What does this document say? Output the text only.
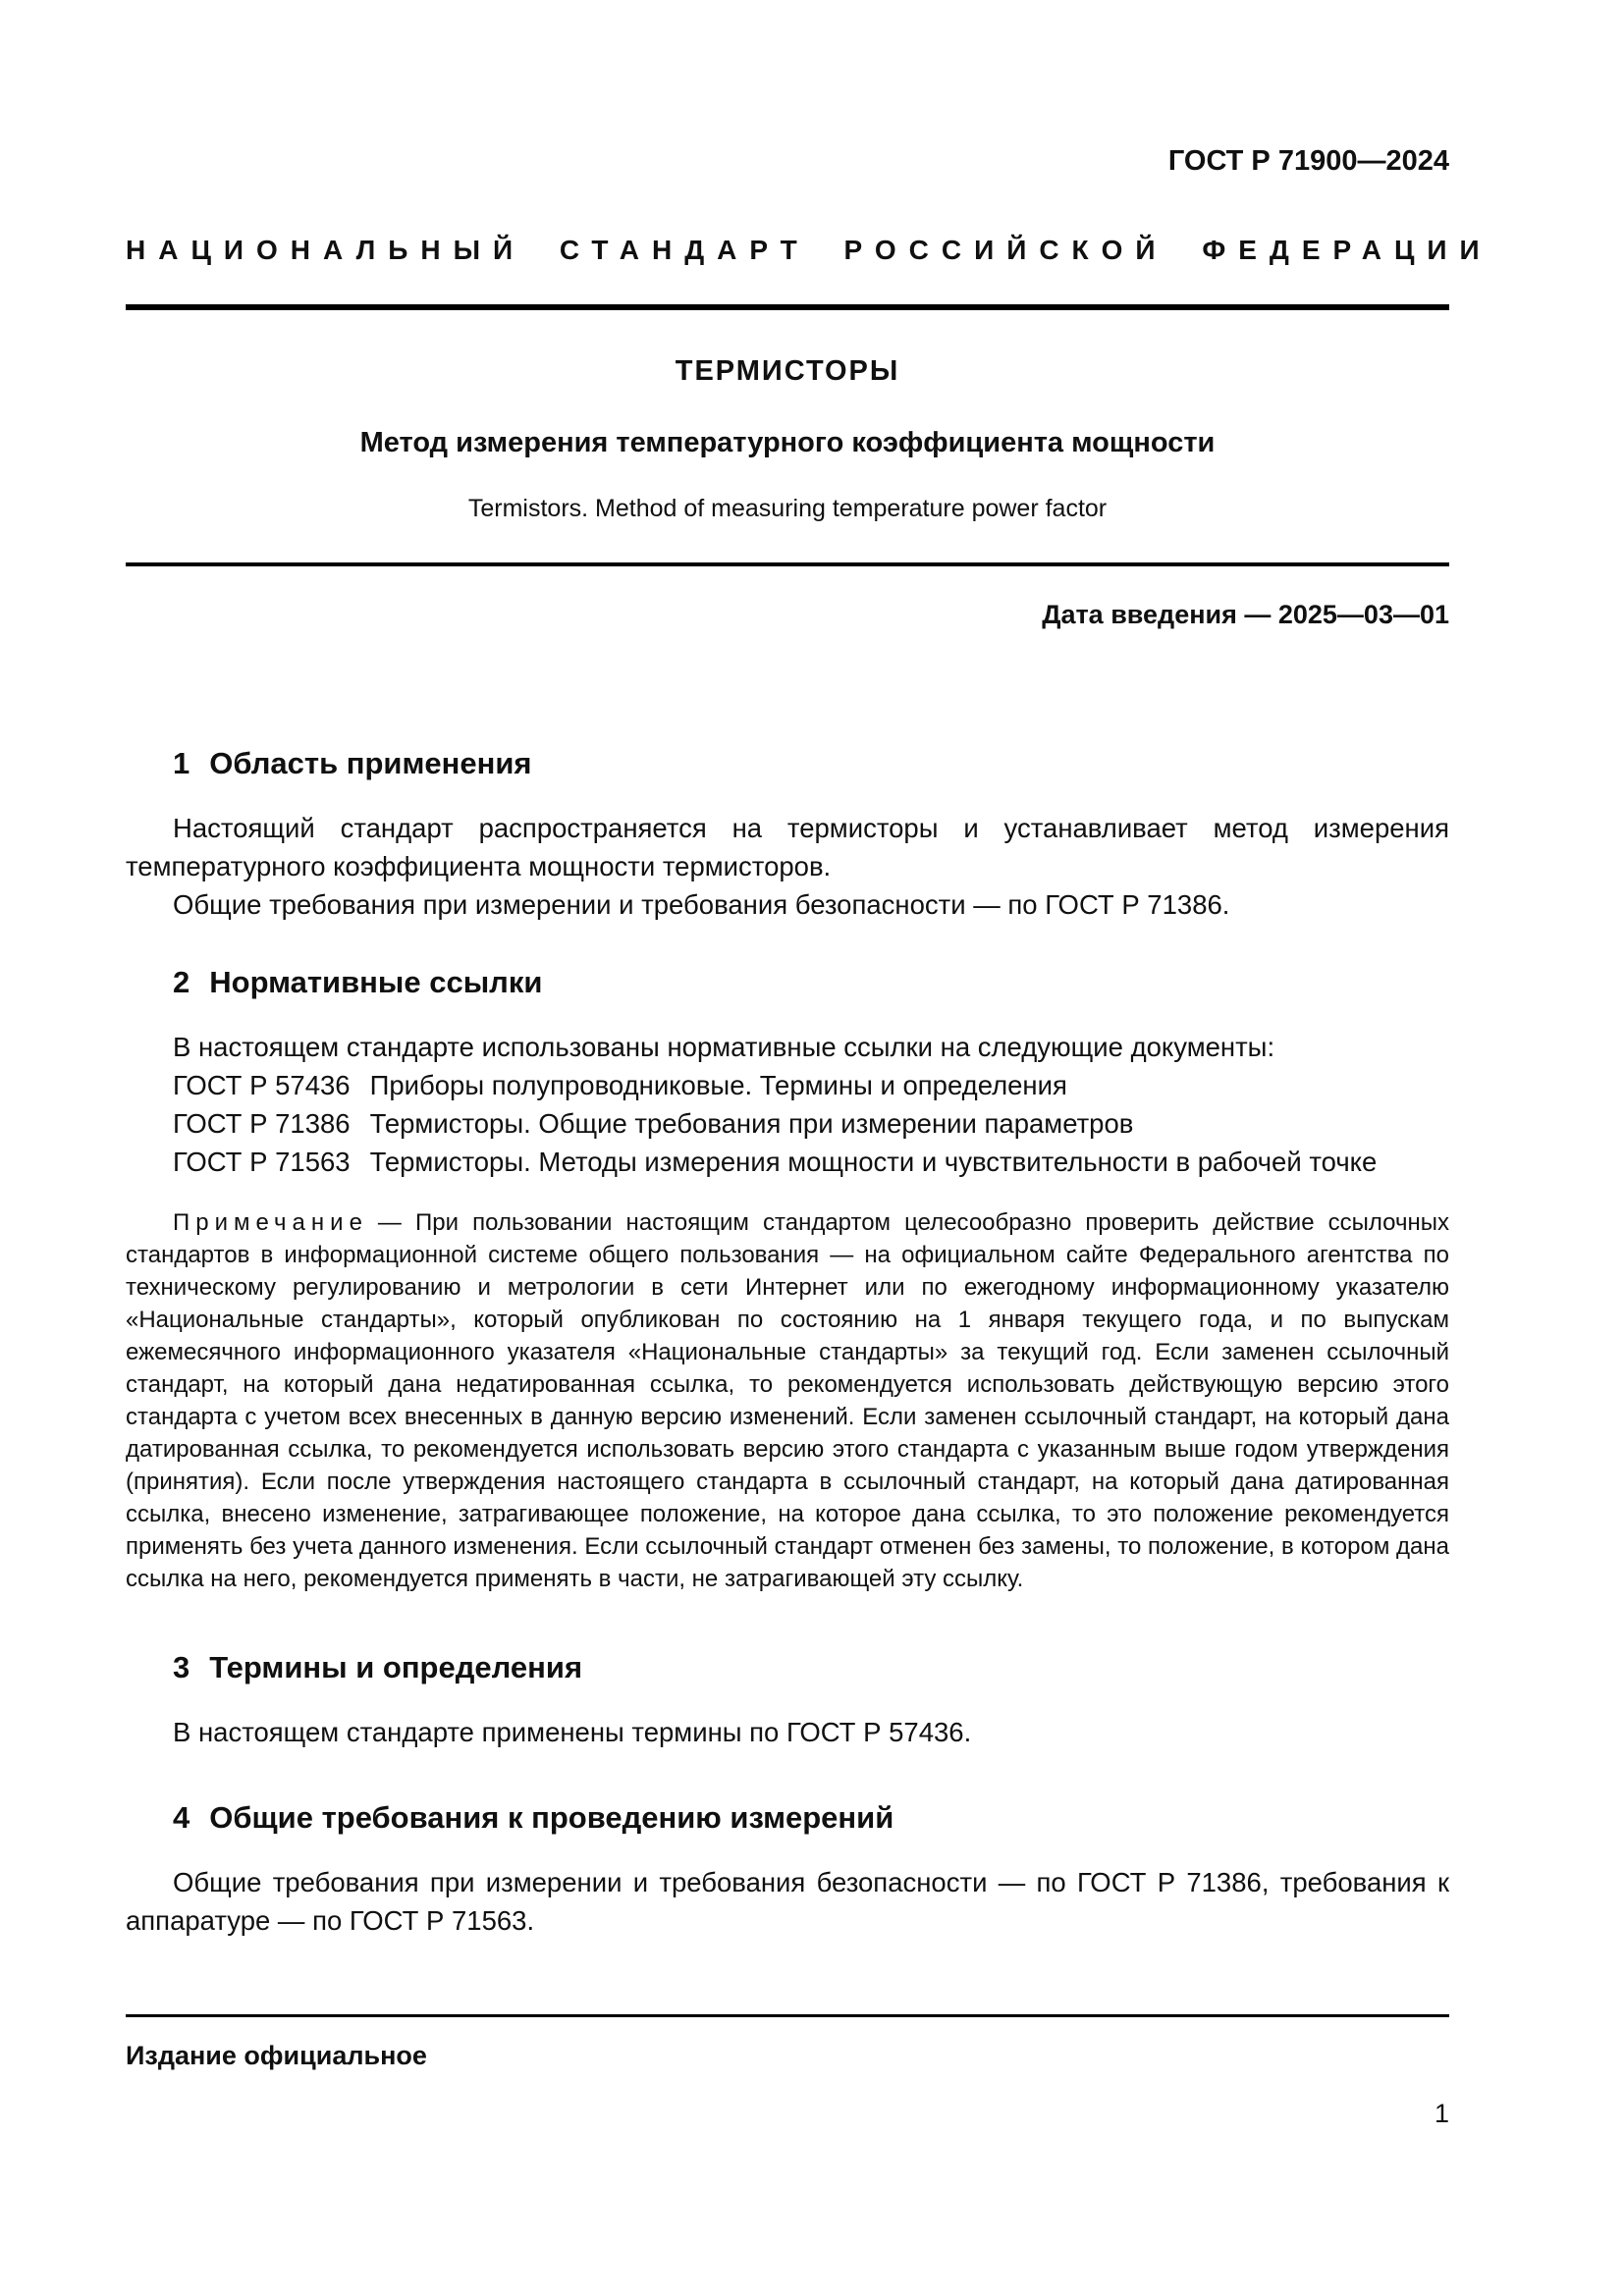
ГОСТ Р 71900—2024
НАЦИОНАЛЬНЫЙ СТАНДАРТ РОССИЙСКОЙ ФЕДЕРАЦИИ
ТЕРМИСТОРЫ
Метод измерения температурного коэффициента мощности
Termistors. Method of measuring temperature power factor
Дата введения — 2025—03—01
1 Область применения

Настоящий стандарт распространяется на термисторы и устанавливает метод измерения температурного коэффициента мощности термисторов.

Общие требования при измерении и требования безопасности — по ГОСТ Р 71386.

2 Нормативные ссылки

В настоящем стандарте использованы нормативные ссылки на следующие документы:

ГОСТ Р 57436 Приборы полупроводниковые. Термины и определения
ГОСТ Р 71386 Термисторы. Общие требования при измерении параметров
ГОСТ Р 71563 Термисторы. Методы измерения мощности и чувствительности в рабочей точке
Примечание — При пользовании настоящим стандартом целесообразно проверить действие ссылочных стандартов в информационной системе общего пользования — на официальном сайте Федерального агентства по техническому регулированию и метрологии в сети Интернет или по ежегодному информационному указателю «Национальные стандарты», который опубликован по состоянию на 1 января текущего года, и по выпускам ежемесячного информационного указателя «Национальные стандарты» за текущий год. Если заменен ссылочный стандарт, на который дана недатированная ссылка, то рекомендуется использовать действующую версию этого стандарта с учетом всех внесенных в данную версию изменений. Если заменен ссылочный стандарт, на который дана датированная ссылка, то рекомендуется использовать версию этого стандарта с указанным выше годом утверждения (принятия). Если после утверждения настоящего стандарта в ссылочный стандарт, на который дана датированная ссылка, внесено изменение, затрагивающее положение, на которое дана ссылка, то это положение рекомендуется применять без учета данного изменения. Если ссылочный стандарт отменен без замены, то положение, в котором дана ссылка на него, рекомендуется применять в части, не затрагивающей эту ссылку.
3 Термины и определения

В настоящем стандарте применены термины по ГОСТ Р 57436.

4 Общие требования к проведению измерений

Общие требования при измерении и требования безопасности — по ГОСТ Р 71386, требования к аппаратуре — по ГОСТ Р 71563.

Издание официальное
1
